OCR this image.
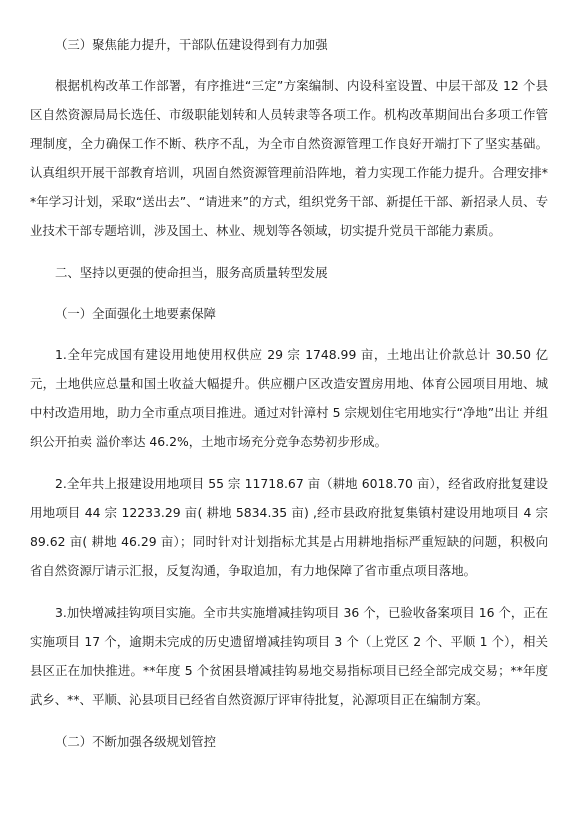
（三）聚焦能力提升，干部队伍建设得到有力加强

根据机构改革工作部署，有序推进“三定”方案编制、内设科室设置、中层干部及 12 个县区自然资源局局长选任、市级职能划转和人员转隶等各项工作。机构改革期间出台多项工作管理制度，全力确保工作不断、秩序不乱，为全市自然资源管理工作良好开端打下了坚实基础。认真组织开展干部教育培训，巩固自然资源管理前沿阵地，着力实现工作能力提升。合理安排**年学习计划，采取“送出去”、“请进来”的方式，组织党务干部、新提任干部、新招录人员、专业技术干部专题培训，涉及国土、林业、规划等各领域，切实提升党员干部能力素质。

二、坚持以更强的使命担当，服务高质量转型发展

（一）全面强化土地要素保障

1.全年完成国有建设用地使用权供应 29 宗 1748.99 亩，土地出让价款总计 30.50 亿元，土地供应总量和国土收益大幅提升。供应棚户区改造安置房用地、体育公园项目用地、城中村改造用地，助力全市重点项目推进。通过对针漳村 5 宗规划住宅用地实行“净地”出让 并组织公开拍卖 溢价率达 46.2%，土地市场充分竞争态势初步形成。

2.全年共上报建设用地项目 55 宗 11718.67 亩（耕地 6018.70 亩），经省政府批复建设用地项目 44 宗 12233.29 亩( 耕地 5834.35 亩) ,经市县政府批复集镇村建设用地项目 4 宗 89.62 亩( 耕地 46.29 亩）；同时针对计划指标尤其是占用耕地指标严重短缺的问题，积极向省自然资源厅请示汇报，反复沟通，争取追加，有力地保障了省市重点项目落地。

3.加快增减挂钩项目实施。全市共实施增减挂钩项目 36 个，已验收备案项目 16 个，正在实施项目 17 个，逾期未完成的历史遗留增减挂钩项目 3 个（上党区 2 个、平顺 1 个），相关县区正在加快推进。**年度 5 个贫困县增减挂钩易地交易指标项目已经全部完成交易；**年度武乡、**、平顺、沁县项目已经省自然资源厅评审待批复，沁源项目正在编制方案。

（二）不断加强各级规划管控
